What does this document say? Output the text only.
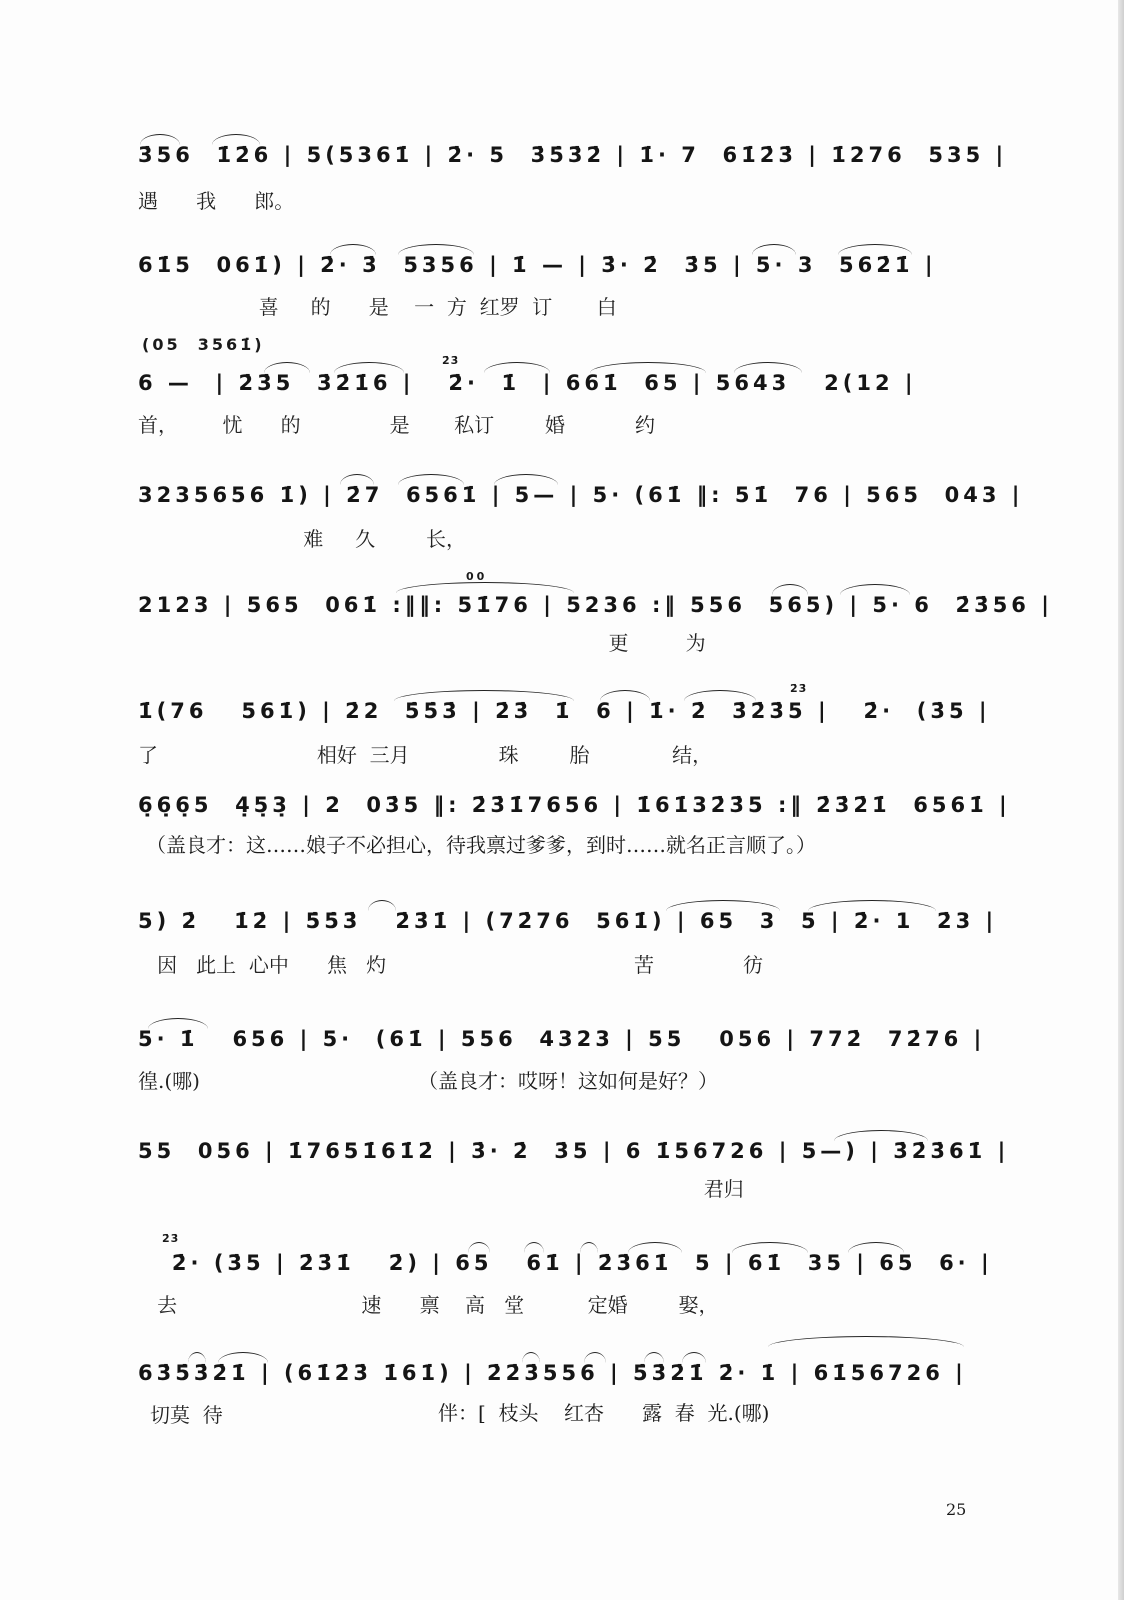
3̇56  1̇2̇6 | 5(5361̇ | 2̇· 5  3̇5̇3̇2̇ | 1̇· 7  61̇2̇3̇ | 1̇276  535 |
遇      我      郎。
61̇5  061̇) | 2̇· 3̇  5356 | 1̇ — | 3̇· 2̇  3̇5 | 5· 3  562̇1̇ |
喜     的      是    一  方  红罗  订       白
(05  3561̇)
2̇3̇
6 —  | 2̇3̇5  3̇2̇1̇6 |   2̇·  1̇  | 661̇  65 | 5643   2(12 |
首，       忧      的              是       私订        婚           约
3235656 1̇) | 2̇7  6561̇ | 5— | 5· (61̇ ‖: 51̇  76 | 565  043 |
难     久        长，
00
2123 | 565  061̇ :‖‖: 51̇76 | 5236 :‖ 556  565) | 5· 6  2̇3̇56 |
更         为
2̇3̇
1̇(76   561̇) | 2̇2  5̇5̇3̇ | 2̇3̇  1̇  6 | 1̇· 2̇  3̇2̇3̇5 |   2̇·  (3̇5 |
了                         相好  三月              珠        胎             结，
6̣6̣6̣5  4̣5̣3̣ | 2  03̇5 ‖: 2̇3̇1̇7656 | 1̇61̇32̇3̇5 :‖ 2̇3̇2̇1̇  6561̇ |
（盖良才：这……娘子不必担心，待我禀过爹爹，到时……就名正言顺了。）
5) 2̇   1̇2̇ | 5̇5̇3̇   2̇3̇1̇ | (72̇76  561̇) | 65  3  5 | 2̇· 1  2̇3 |
因   此上  心中      焦   灼                                       苦              彷
5· 1̇   656 | 5·  (61̇ | 556  4323 | 55   056 | 772̇  72̇76 |
徨.(哪)	（盖良才：哎呀！这如何是好？）
55  056 | 1̇7651̇61̇2̇ | 3̇· 2̇  3̇5 | 6 1̇56726 | 5—) | 3̇2̇3̇61̇ |
君归
2̇3̇
2̇· (3̇5 | 2̇3̇1̇   2̇) | 65   61̇ | 2̇3̇61̇  5 | 61̇  35 | 65  6· |
去                             速      禀    高   堂          定婚        娶，
63̇5̇3̇2̇1̇ | (61̇2̇3̇ 1̇61̇) | 2̇2̇3̇556 | 5̇3̇2̇1̇ 2̇· 1̇ | 61̇56726 |
切莫  待	伴：[  枝头    红杏      露  春  光.(哪)
25
